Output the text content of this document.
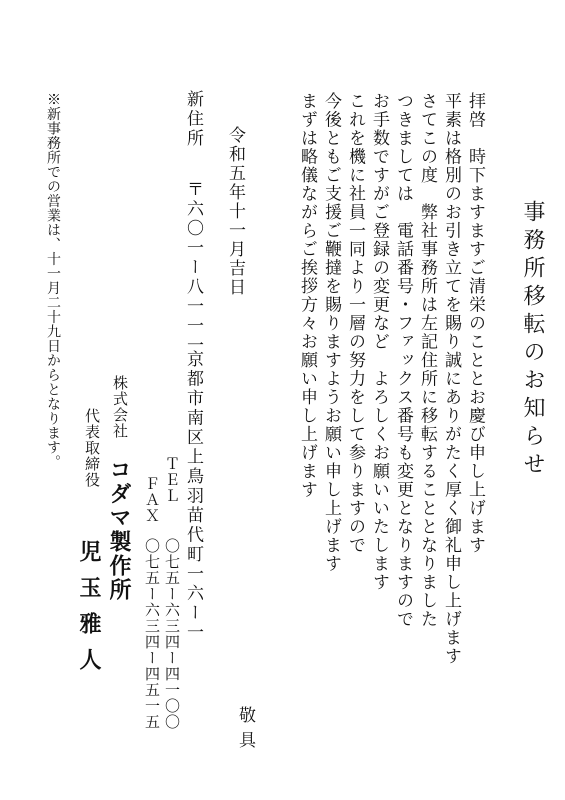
事務所移転のお知らせ
拝啓　時下ますますご清栄のこととお慶び申し上げます
平素は格別のお引き立てを賜り誠にありがたく厚く御礼申し上げます
さてこの度　弊社事務所は左記住所に移転することとなりました
つきましては　電話番号・ファックス番号も変更となりますので
お手数ですがご登録の変更など　よろしくお願いいたします
これを機に社員一同より一層の努力をして参りますので
今後ともご支援ご鞭撻を賜りますようお願い申し上げます
まずは略儀ながらご挨拶方々お願い申し上げます
敬具
令和五年十一月吉日
新住所
〒六〇一ー八一一一
京都市南区上鳥羽苗代町一六ー一
ＴＥＬ
〇七五ー六三四ー四一〇〇
ＦＡＸ
〇七五ー六三四ー四五一五
株式会社
コダマ製作所
代表取締役
児玉雅人
※新事務所での営業は、十一月二十九日からとなります。
